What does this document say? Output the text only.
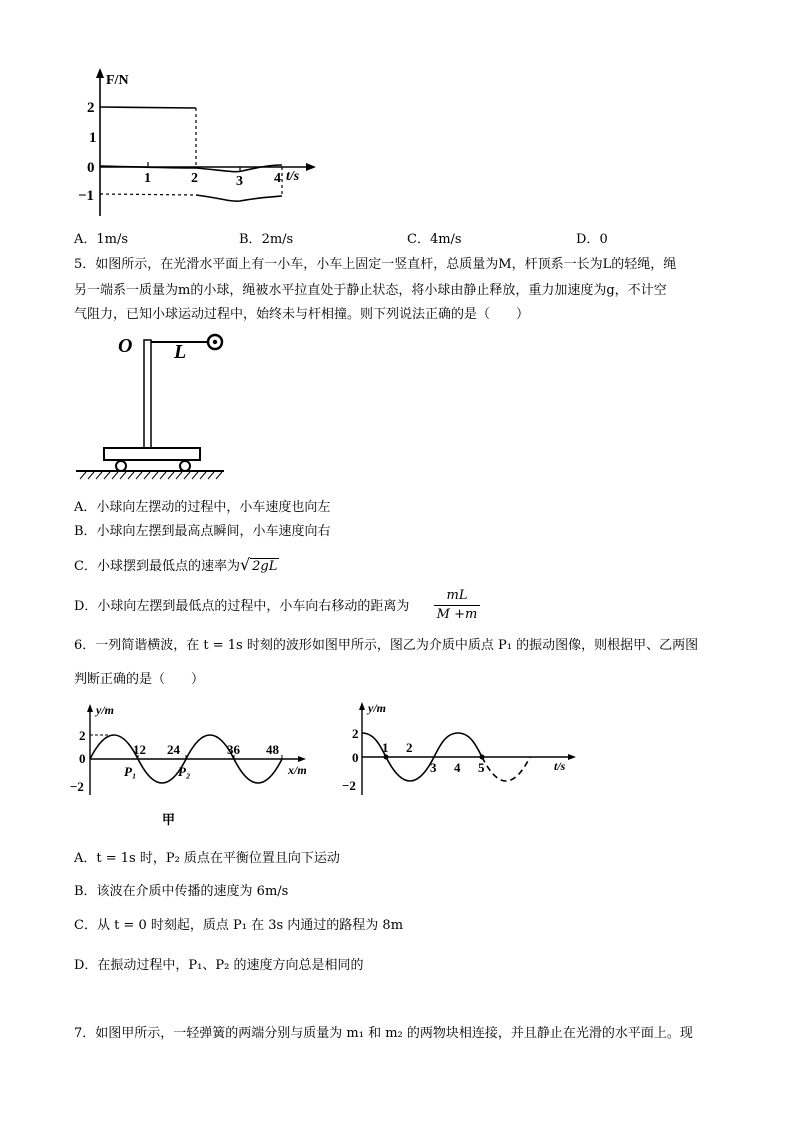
F/N
t/s
2
1
0
−1
1	2	3 4
A．1m/s	B．2m/s	C．4m/s	D．0
5．如图所示，在光滑水平面上有一小车，小车上固定一竖直杆，总质量为M，杆顶系一长为L的轻绳，绳
另一端系一质量为m的小球，绳被水平拉直处于静止状态，将小球由静止释放，重力加速度为g，不计空
气阻力，已知小球运动过程中，始终未与杆相撞。则下列说法正确的是（　　）
O L
A．小球向左摆动的过程中，小车速度也向左
B．小球向左摆到最高点瞬间，小车速度向右
C．小球摆到最低点的速率为√ 2gL
D．小球向左摆到最低点的过程中，小车向右移动的距离为 $\frac{mL}{M +m}$
6．一列简谐横波，在 t = 1s 时刻的波形如图甲所示，图乙为介质中质点 P₁ 的振动图像，则根据甲、乙两图
判断正确的是（　　）
y/m
x/m
2
0
−2
12 24	36 48
P₁	P₂
甲
y/m
t/s
2
0
−2
1 2
3 4 5
A．t = 1s 时，P₂ 质点在平衡位置且向下运动
B．该波在介质中传播的速度为 6m/s
C．从 t = 0 时刻起，质点 P₁ 在 3s 内通过的路程为 8m
D．在振动过程中，P₁、P₂ 的速度方向总是相同的
7．如图甲所示，一轻弹簧的两端分别与质量为 m₁ 和 m₂ 的两物块相连接，并且静止在光滑的水平面上。现
